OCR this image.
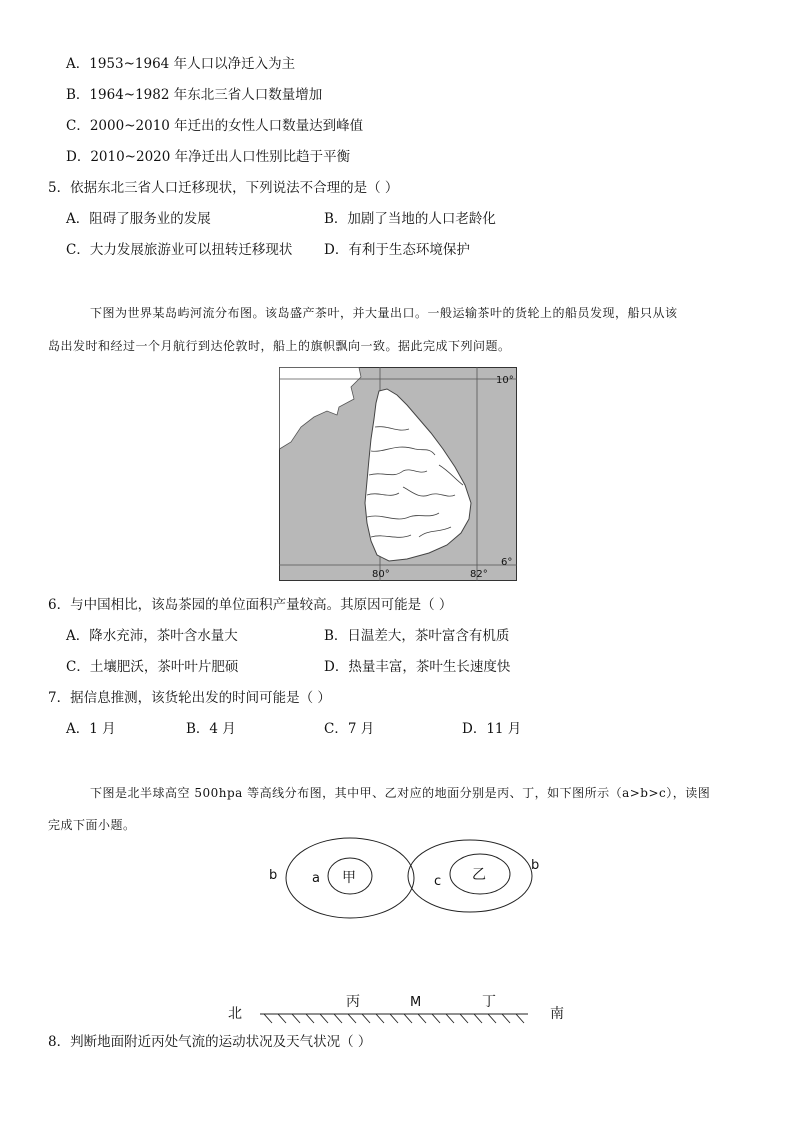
A．1953~1964 年人口以净迁入为主
B．1964~1982 年东北三省人口数量增加
C．2000~2010 年迁出的女性人口数量达到峰值
D．2010~2020 年净迁出人口性别比趋于平衡
5．依据东北三省人口迁移现状，下列说法不合理的是（ ）
A．阻碍了服务业的发展	B．加剧了当地的人口老龄化
C．大力发展旅游业可以扭转迁移现状 D．有利于生态环境保护
下图为世界某岛屿河流分布图。该岛盛产茶叶，并大量出口。一般运输茶叶的货轮上的船员发现，船只从该
岛出发时和经过一个月航行到达伦敦时，船上的旗帜飘向一致。据此完成下列问题。
10°
6°
80°	82°
6．与中国相比，该岛茶园的单位面积产量较高。其原因可能是（ ）
A．降水充沛，茶叶含水量大	B．日温差大，茶叶富含有机质
C．土壤肥沃，茶叶叶片肥硕	D．热量丰富，茶叶生长速度快
7．据信息推测，该货轮出发的时间可能是（ ）
A．1 月	B．4 月	C．7 月	D．11 月
下图是北半球高空 500hpa 等高线分布图，其中甲、乙对应的地面分别是丙、丁，如下图所示（a>b>c），读图
完成下面小题。
b	a 甲	c 乙
b
北
丙	M	丁
南
8．判断地面附近丙处气流的运动状况及天气状况（ ）
